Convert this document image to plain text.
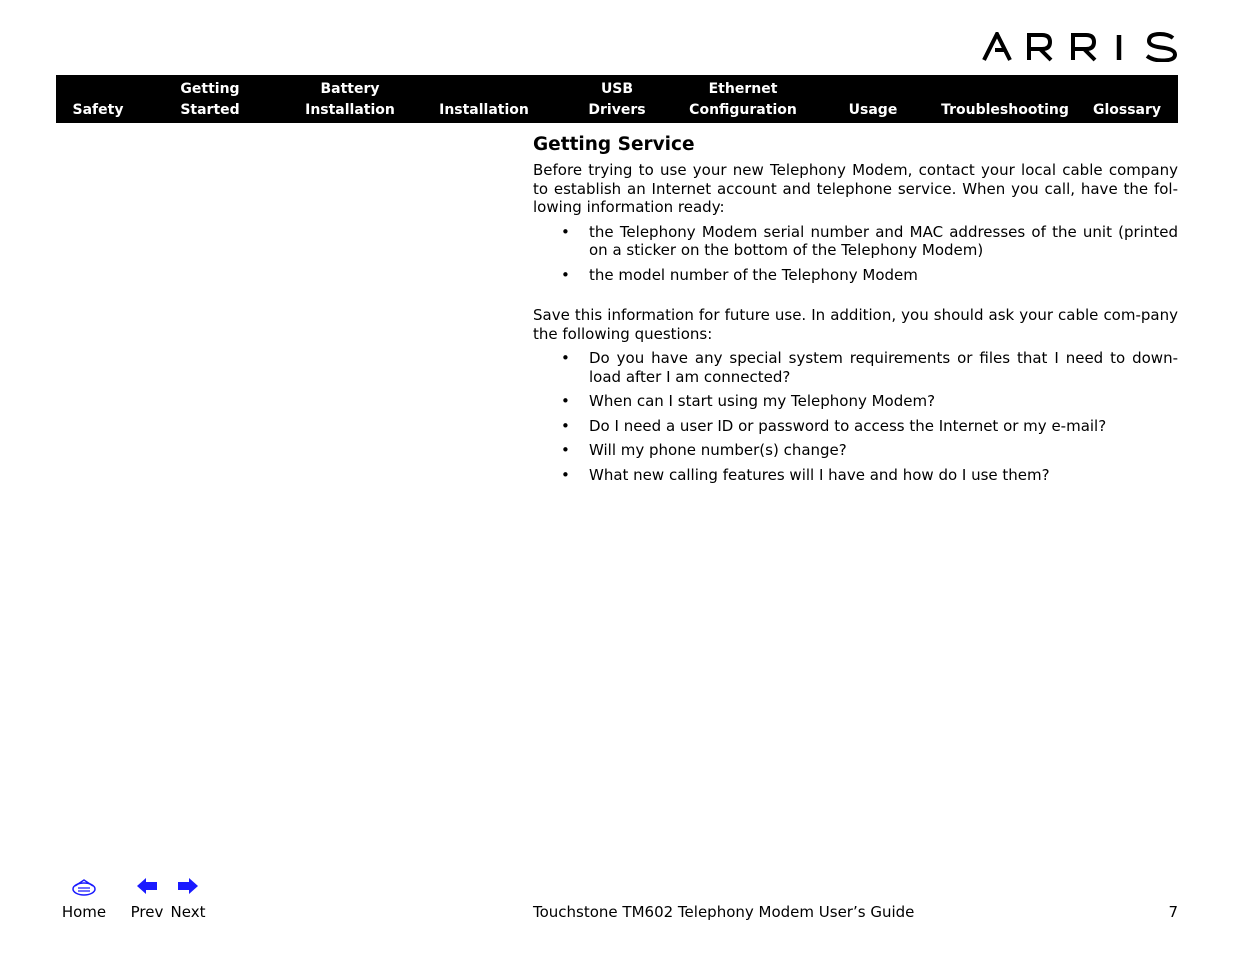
Safety
Getting
Started
Battery
Installation	Installation
USB
Drivers
Ethernet
Configuration	Usage	Troubleshooting	Glossary
Getting Service

Before trying to use your new Telephony Modem, contact your local cable company to establish an Internet account and telephone service. When you call, have the fol-lowing information ready:

• the Telephony Modem serial number and MAC addresses of the unit (printed on a sticker on the bottom of the Telephony Modem)
• the model number of the Telephony Modem

Save this information for future use. In addition, you should ask your cable com-pany the following questions:

• Do you have any special system requirements or files that I need to down-load after I am connected?
• When can I start using my Telephony Modem?
• Do I need a user ID or password to access the Internet or my e-mail?
• Will my phone number(s) change?
• What new calling features will I have and how do I use them?
Home Prev Next	Touchstone TM602 Telephony Modem User’s Guide	7
